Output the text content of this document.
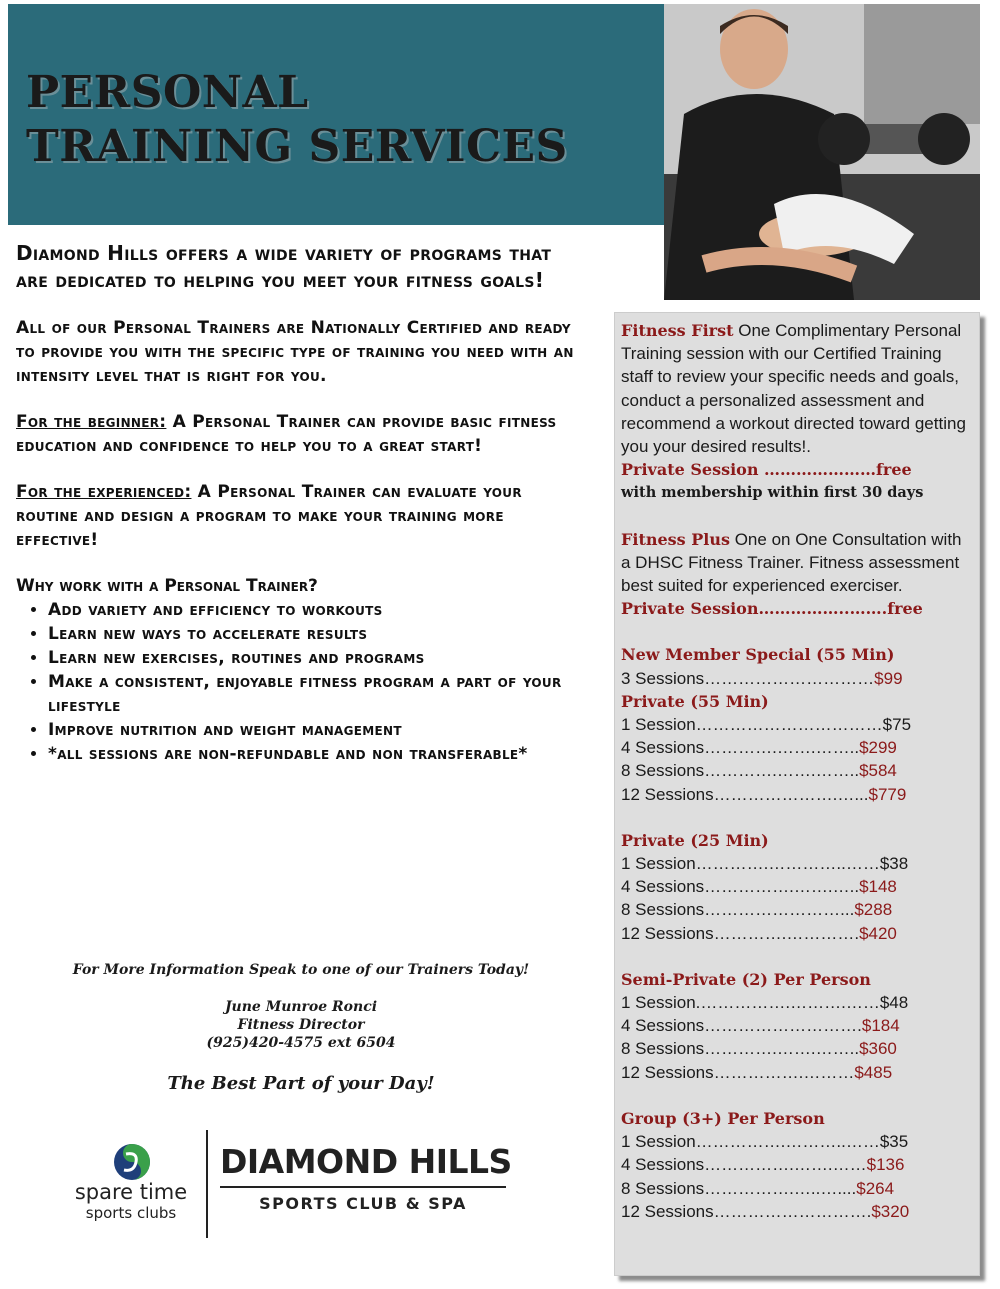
PERSONAL
TRAINING SERVICES

Diamond Hills offers a wide variety of programs that are dedicated to helping you meet your fitness goals!

All of our Personal Trainers are Nationally Certified and ready to provide you with the specific type of training you need with an intensity level that is right for you.

For the beginner: A Personal Trainer can provide basic fitness education and confidence to help you to a great start!

For the experienced: A Personal Trainer can evaluate your routine and design a program to make your training more effective!

Why work with a Personal Trainer?

• Add variety and efficiency to workouts
• Learn new ways to accelerate results
• Learn new exercises, routines and programs
• Make a consistent, enjoyable fitness program a part of your lifestyle
• Improve nutrition and weight management
• *all sessions are non-refundable and non transferable*

For More Information Speak to one of our Trainers Today!

June Munroe Ronci

Fitness Director

(925)420-4575 ext 6504

The Best Part of your Day!

spare time

sports clubs

DIAMOND HILLS

SPORTS CLUB & SPA

Fitness First One Complimentary Personal Training session with our Certified Training staff to review your specific needs and goals, conduct a personalized assessment and recommend a workout directed toward getting you your desired results!.

Private Session …………………free

with membership within first 30 days

Fitness Plus One on One Consultation with a DHSC Fitness Trainer. Fitness assessment best suited for experienced exerciser.

Private Session……………..…….free

New Member Special (55 Min)

3 Sessions…………………………$99

Private (55 Min)

1 Session……………………………$75

4 Sessions………….…….……..$299

8 Sessions………….…….……..$584

12 Sessions………………….…...$779

Private (25 Min)

1 Session………….…………..……$38

4 Sessions…………….…….…..$148

8 Sessions……………………...$288

12 Sessions………….………….$420

Semi-Private (2) Per Person

1 Session.…………….……….……$48

4 Sessions……………………….$184

8 Sessions………….…….……..$360

12 Sessions…………….………$485

Group (3+) Per Person

1 Session…………….………..……$35

4 Sessions…………….…….……$136

8 Sessions…………….…..…....$264

12 Sessions……………………….$320
